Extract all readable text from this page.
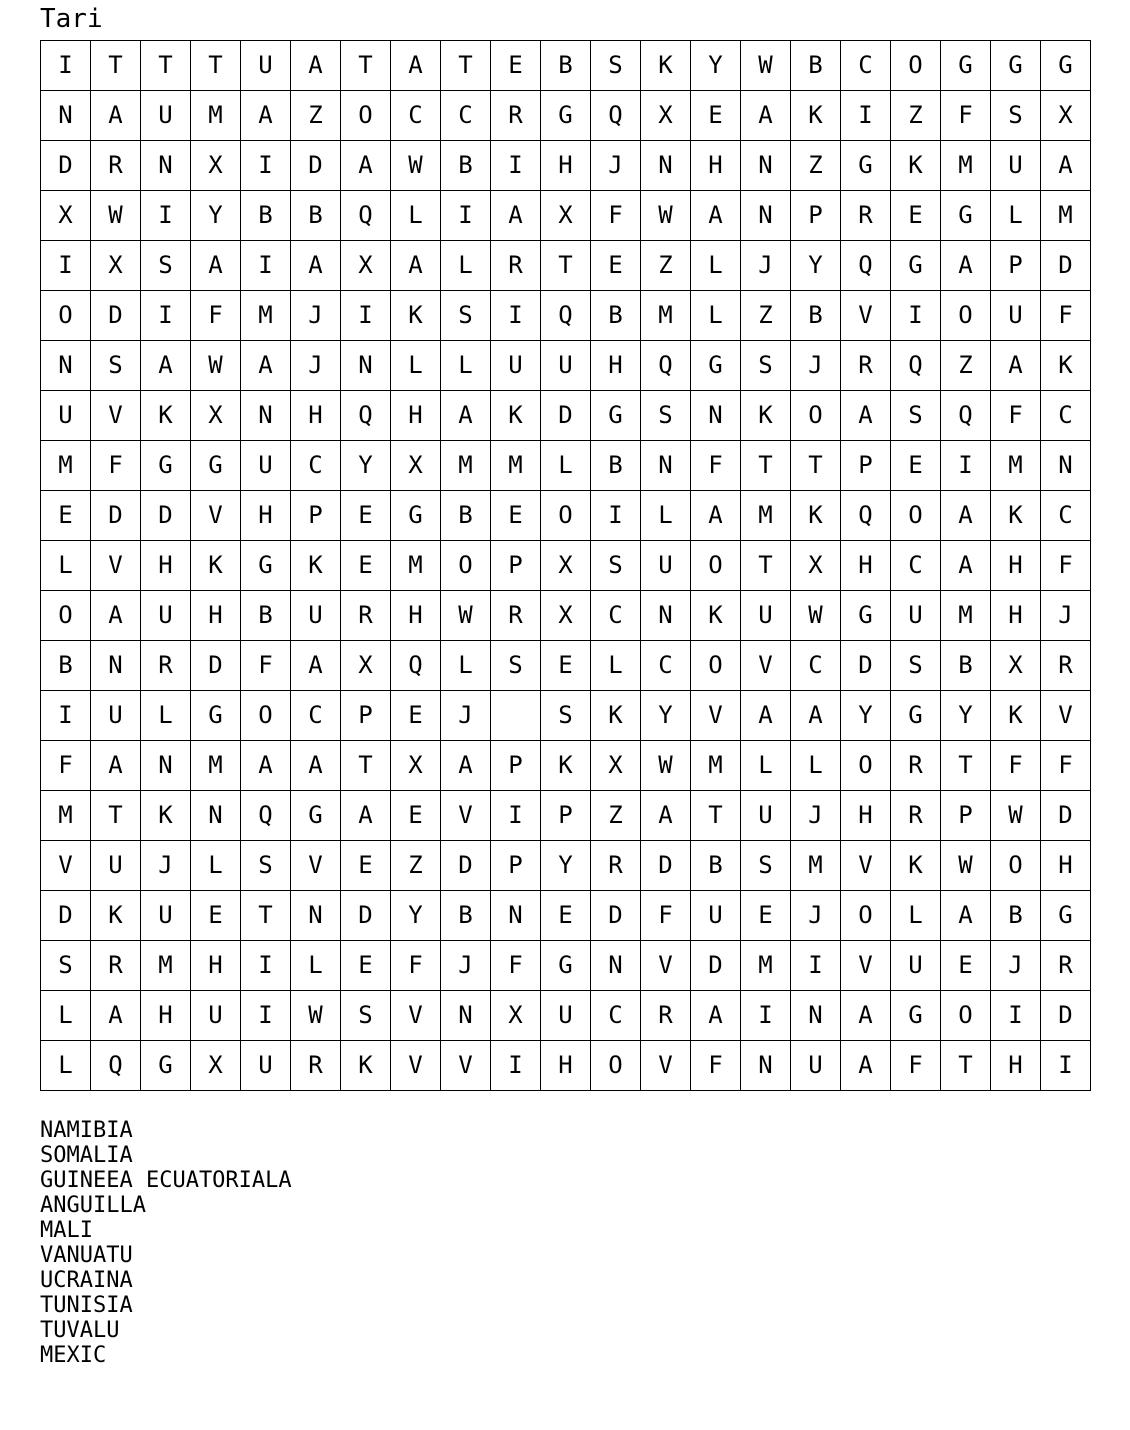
Tari
I	T	T	T	U	A	T	A	T	E	B	S	K	Y	W	B	C	O	G	G	G
N	A	U	M	A	Z	O	C	C	R	G	Q	X	E	A	K	I	Z	F	S	X
D	R	N	X	I	D	A	W	B	I	H	J	N	H	N	Z	G	K	M	U	A
X	W	I	Y	B	B	Q	L	I	A	X	F	W	A	N	P	R	E	G	L	M
I	X	S	A	I	A	X	A	L	R	T	E	Z	L	J	Y	Q	G	A	P	D
O	D	I	F	M	J	I	K	S	I	Q	B	M	L	Z	B	V	I	O	U	F
N	S	A	W	A	J	N	L	L	U	U	H	Q	G	S	J	R	Q	Z	A	K
U	V	K	X	N	H	Q	H	A	K	D	G	S	N	K	O	A	S	Q	F	C
M	F	G	G	U	C	Y	X	M	M	L	B	N	F	T	T	P	E	I	M	N
E	D	D	V	H	P	E	G	B	E	O	I	L	A	M	K	Q	O	A	K	C
L	V	H	K	G	K	E	M	O	P	X	S	U	O	T	X	H	C	A	H	F
O	A	U	H	B	U	R	H	W	R	X	C	N	K	U	W	G	U	M	H	J
B	N	R	D	F	A	X	Q	L	S	E	L	C	O	V	C	D	S	B	X	R
I	U	L	G	O	C	P	E	J		S	K	Y	V	A	A	Y	G	Y	K	V
F	A	N	M	A	A	T	X	A	P	K	X	W	M	L	L	O	R	T	F	F
M	T	K	N	Q	G	A	E	V	I	P	Z	A	T	U	J	H	R	P	W	D
V	U	J	L	S	V	E	Z	D	P	Y	R	D	B	S	M	V	K	W	O	H
D	K	U	E	T	N	D	Y	B	N	E	D	F	U	E	J	O	L	A	B	G
S	R	M	H	I	L	E	F	J	F	G	N	V	D	M	I	V	U	E	J	R
L	A	H	U	I	W	S	V	N	X	U	C	R	A	I	N	A	G	O	I	D
L	Q	G	X	U	R	K	V	V	I	H	O	V	F	N	U	A	F	T	H	I
NAMIBIA
SOMALIA
GUINEEA ECUATORIALA
ANGUILLA
MALI
VANUATU
UCRAINA
TUNISIA
TUVALU
MEXIC
